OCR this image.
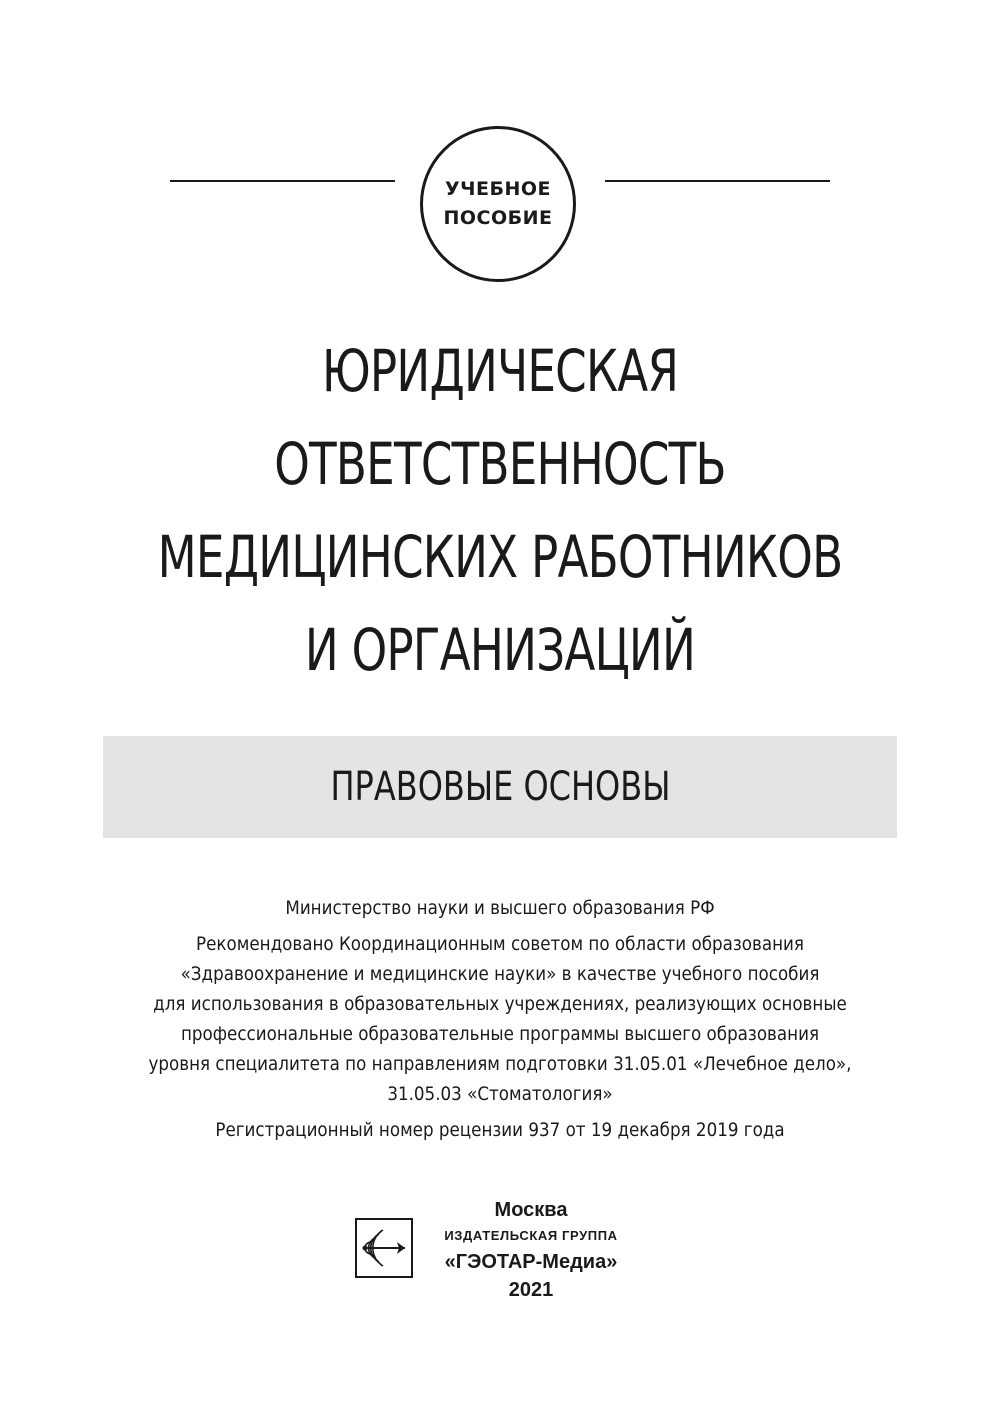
УЧЕБНОЕ
ПОСОБИЕ
ЮРИДИЧЕСКАЯ
ОТВЕТСТВЕННОСТЬ
МЕДИЦИНСКИХ РАБОТНИКОВ
И ОРГАНИЗАЦИЙ
ПРАВОВЫЕ ОСНОВЫ
Министерство науки и высшего образования РФ
Рекомендовано Координационным советом по области образования
«Здравоохранение и медицинские науки» в качестве учебного пособия
для использования в образовательных учреждениях, реализующих основные
профессиональные образовательные программы высшего образования
уровня специалитета по направлениям подготовки 31.05.01 «Лечебное дело»,
31.05.03 «Стоматология»
Регистрационный номер рецензии 937 от 19 декабря 2019 года
Москва
ИЗДАТЕЛЬСКАЯ ГРУППА
«ГЭОТАР-Медиа»
2021
